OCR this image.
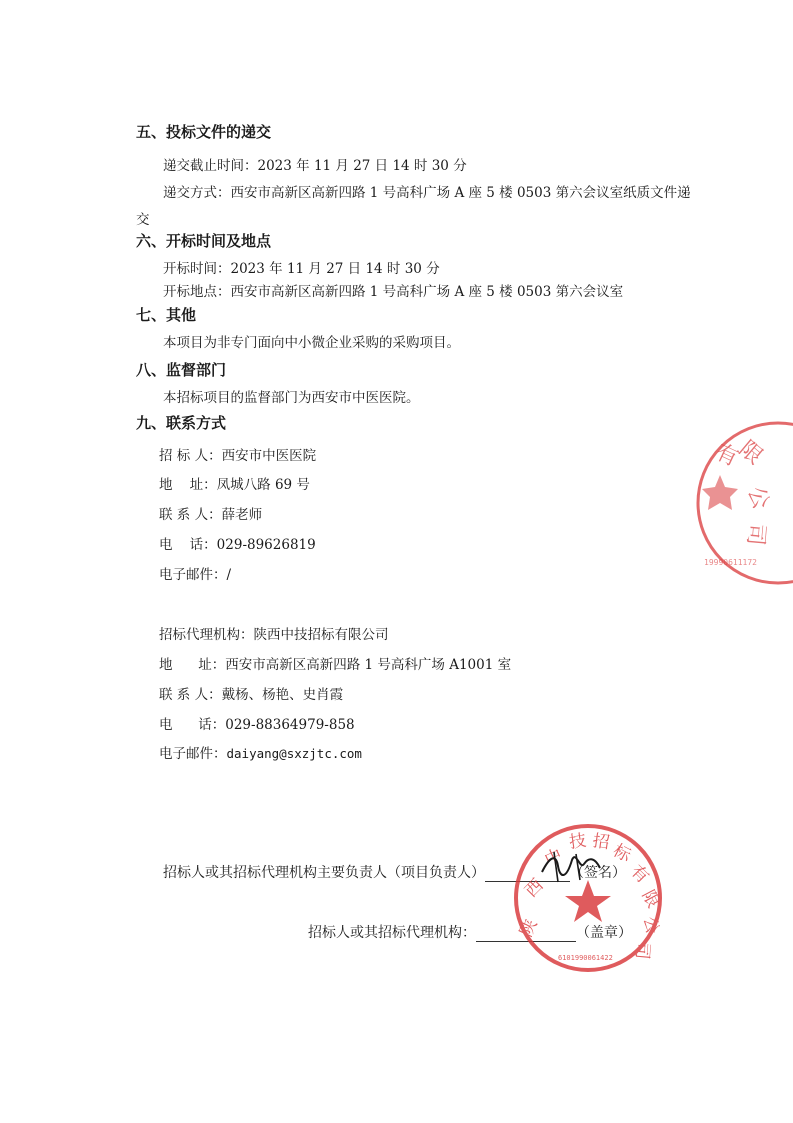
五、投标文件的递交
递交截止时间：2023 年 11 月 27 日 14 时 30 分
递交方式：西安市高新区高新四路 1 号高科广场 A 座 5 楼 0503 第六会议室纸质文件递
交
六、开标时间及地点
开标时间：2023 年 11 月 27 日 14 时 30 分
开标地点：西安市高新区高新四路 1 号高科广场 A 座 5 楼 0503 第六会议室
七、其他
本项目为非专门面向中小微企业采购的采购项目。
八、监督部门
本招标项目的监督部门为西安市中医医院。
九、联系方式
招 标 人：西安市中医医院
地    址：凤城八路 69 号
联 系 人：薛老师
电    话：029-89626819
电子邮件：/
招标代理机构：陕西中技招标有限公司
地      址：西安市高新区高新四路 1 号高科广场 A1001 室
联 系 人：戴杨、杨艳、史肖霞
电      话：029-88364979-858
电子邮件：daiyang@sxzjtc.com
招标人或其招标代理机构主要负责人（项目负责人）	（签名）
招标人或其招标代理机构：	（盖章）
有
限
公
司
19990611172
陕
西
中
技 招
标
有
限
公
司
6101990061422
